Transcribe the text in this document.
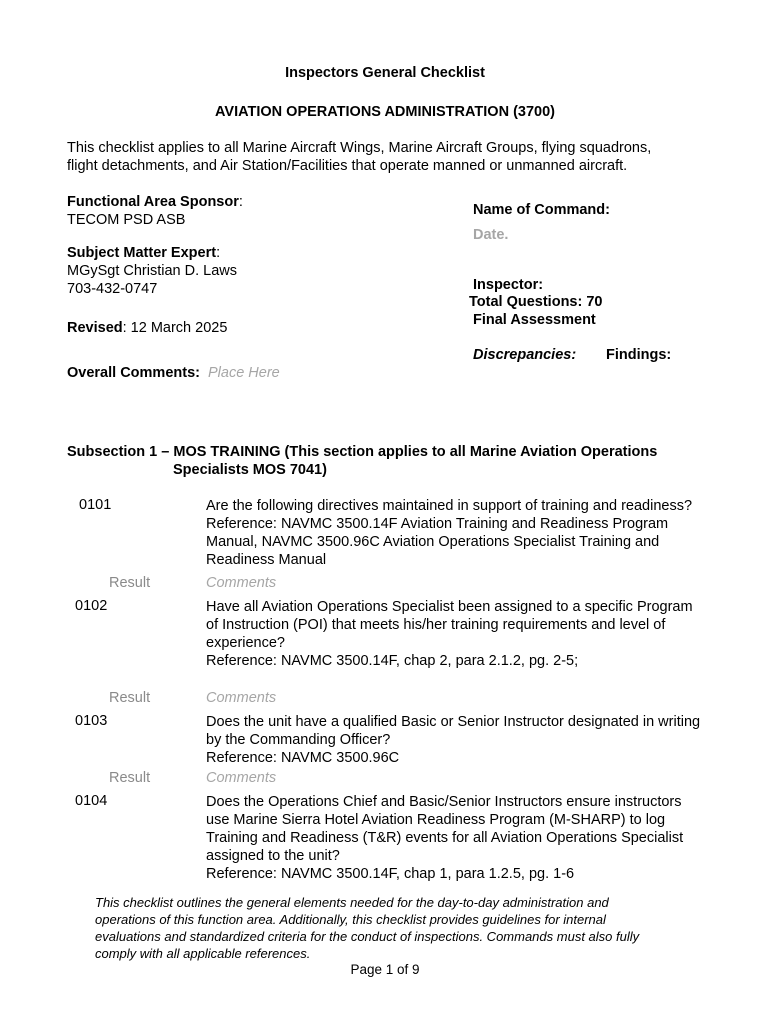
Inspectors General Checklist
AVIATION OPERATIONS ADMINISTRATION (3700)
This checklist applies to all Marine Aircraft Wings, Marine Aircraft Groups, flying squadrons,
flight detachments, and Air Station/Facilities that operate manned or unmanned aircraft.
Functional Area Sponsor:
TECOM PSD ASB
Subject Matter Expert:
MGySgt Christian D. Laws
703-432-0747
Revised: 12 March 2025
Overall Comments: Place Here
Name of Command:
Date.
Inspector:
Total Questions: 70
Final Assessment
Discrepancies: Findings:
Subsection 1 – MOS TRAINING (This section applies to all Marine Aviation Operations
Specialists MOS 7041)
0101	Are the following directives maintained in support of training and readiness?
Reference: NAVMC 3500.14F Aviation Training and Readiness Program
Manual, NAVMC 3500.96C Aviation Operations Specialist Training and
Readiness Manual
Result
Comments
0102	Have all Aviation Operations Specialist been assigned to a specific Program
of Instruction (POI) that meets his/her training requirements and level of
experience?
Reference: NAVMC 3500.14F, chap 2, para 2.1.2, pg. 2-5;
Result
Comments
0103	Does the unit have a qualified Basic or Senior Instructor designated in writing
by the Commanding Officer?
Reference: NAVMC 3500.96C
Result
Comments
0104	Does the Operations Chief and Basic/Senior Instructors ensure instructors
use Marine Sierra Hotel Aviation Readiness Program (M-SHARP) to log
Training and Readiness (T&R) events for all Aviation Operations Specialist
assigned to the unit?
Reference: NAVMC 3500.14F, chap 1, para 1.2.5, pg. 1-6
This checklist outlines the general elements needed for the day-to-day administration and
operations of this function area. Additionally, this checklist provides guidelines for internal
evaluations and standardized criteria for the conduct of inspections. Commands must also fully
comply with all applicable references.
Page 1 of 9
